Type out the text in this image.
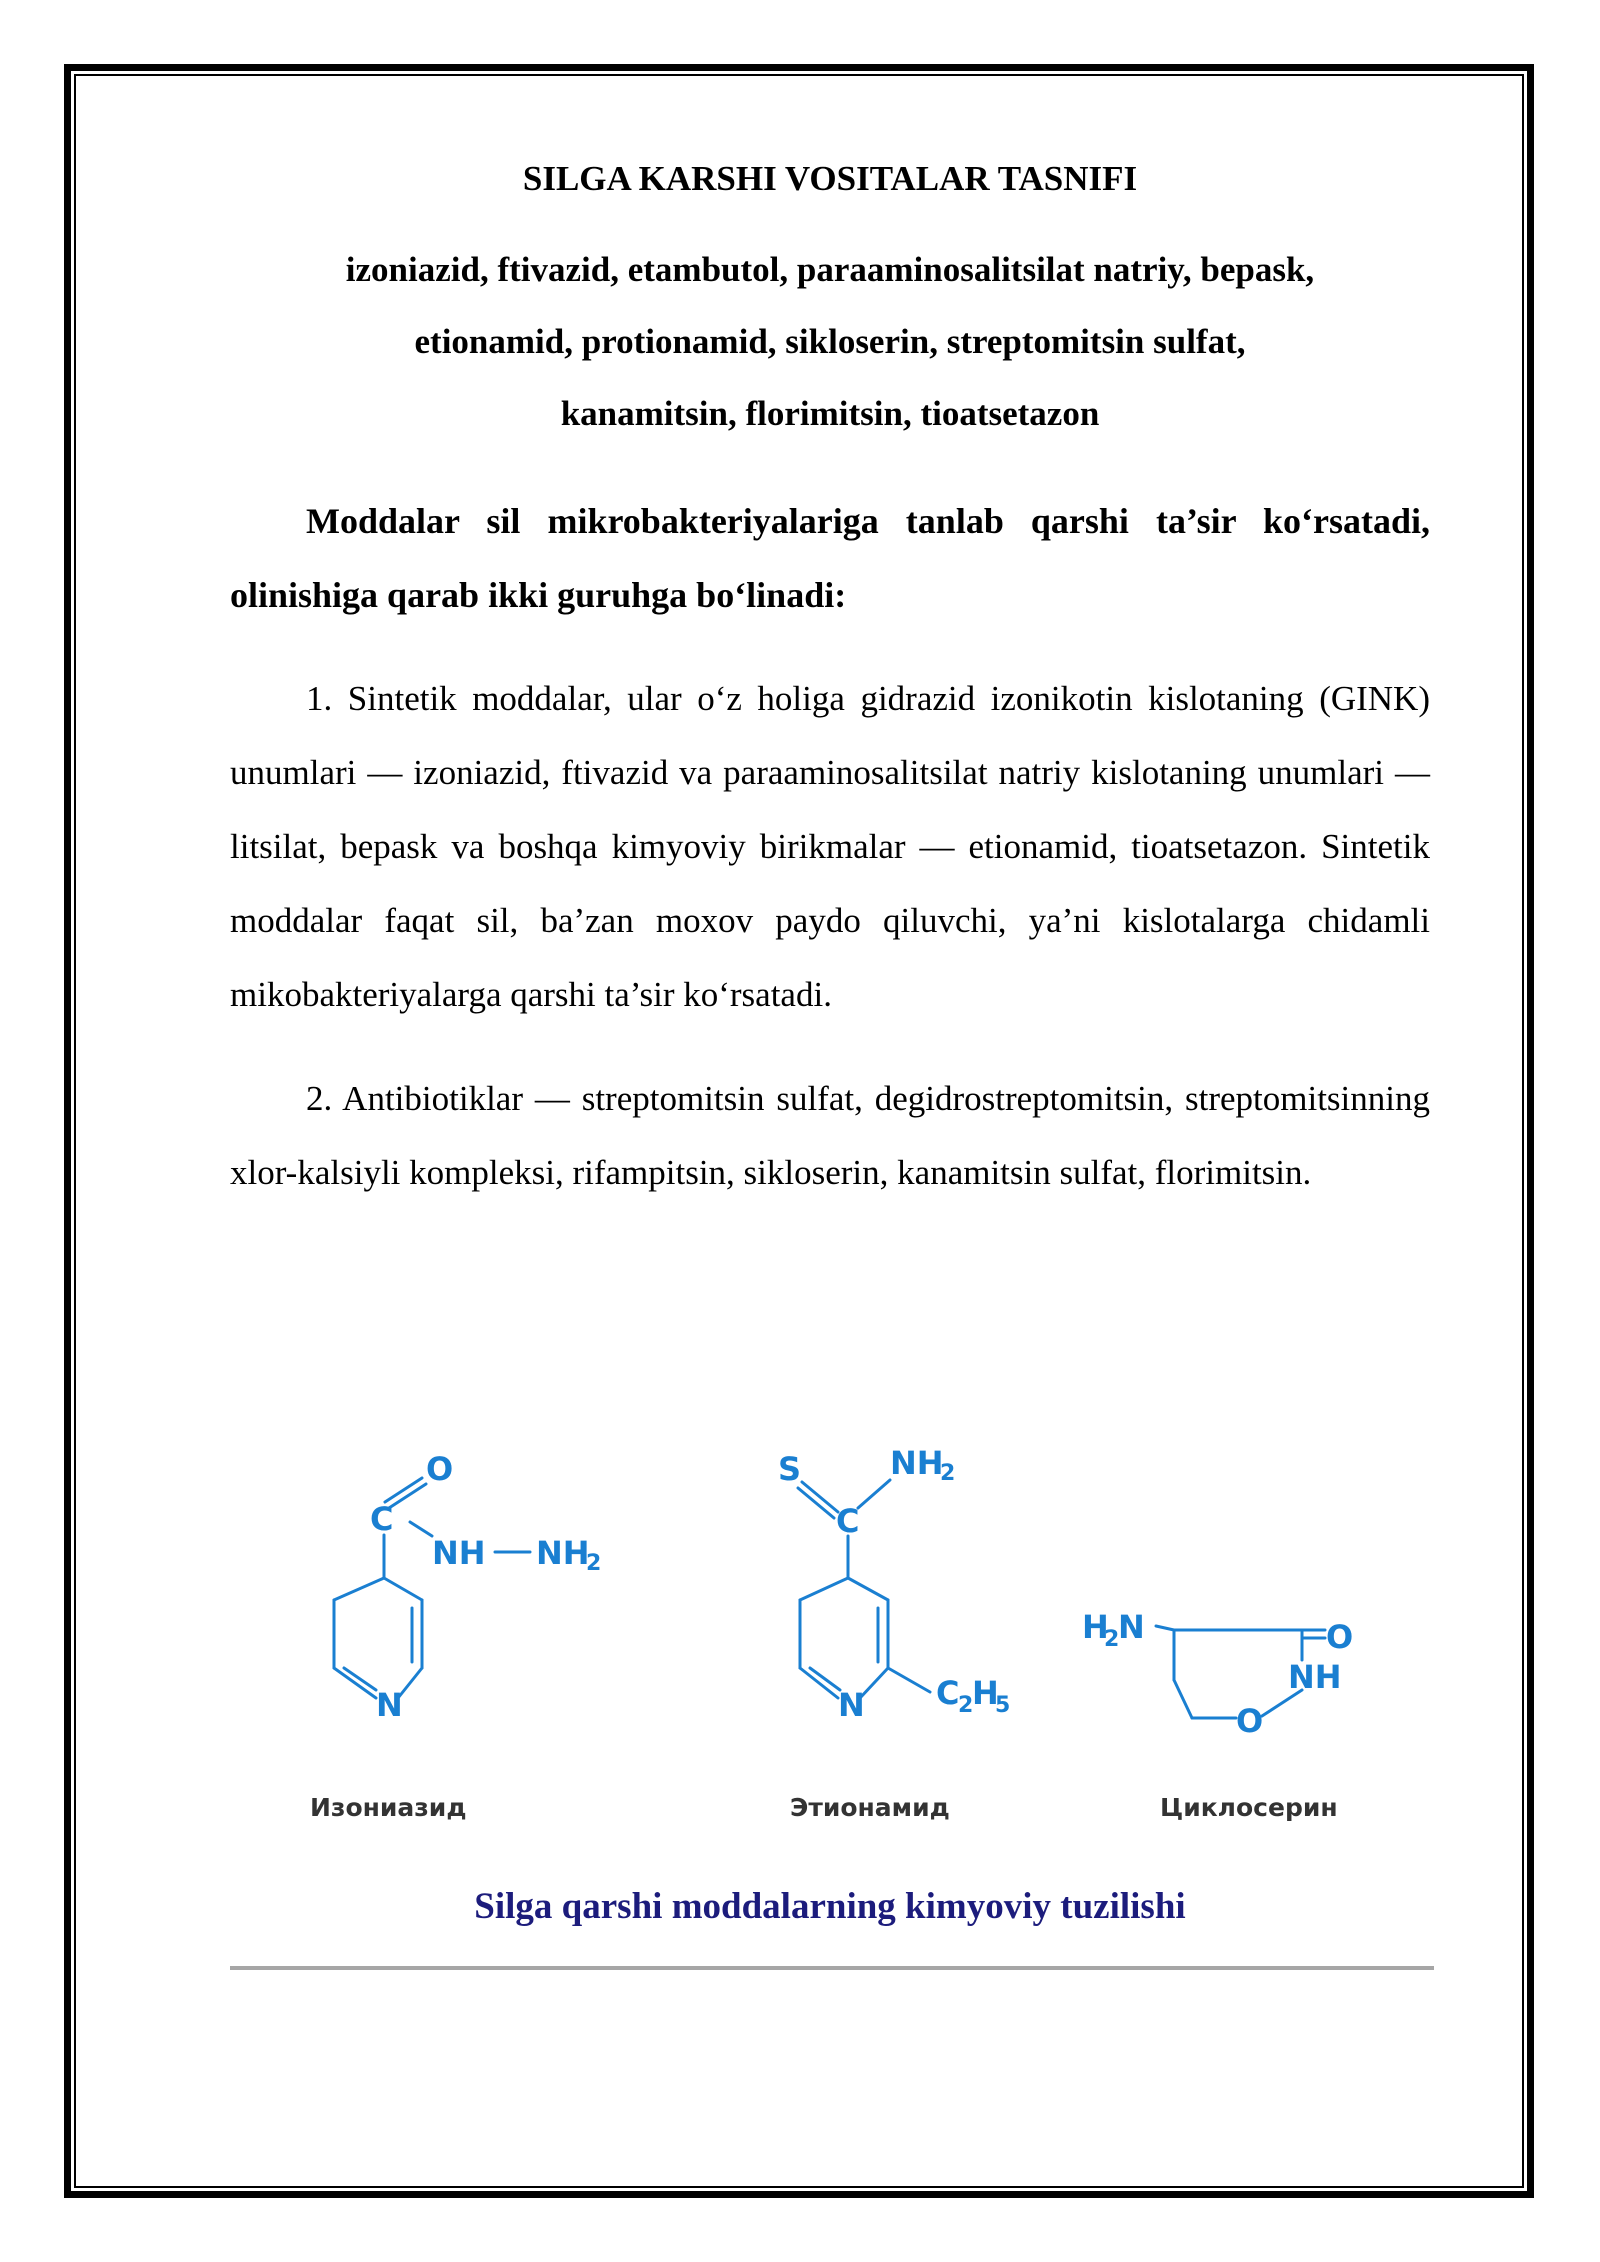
SILGA KARSHI VOSITALAR TASNIFI
izoniazid, ftivazid, etambutol, paraaminosalitsilat natriy, bepask,
etionamid, protionamid, sikloserin, streptomitsin sulfat,
kanamitsin, florimitsin, tioatsetazon

Moddalar sil mikrobakteriyalariga tanlab qarshi ta’sir ko‘rsatadi, olinishiga qarab ikki guruhga bo‘linadi:

1. Sintetik moddalar, ular o‘z holiga gidrazid izonikotin kislotaning (GINK) unumlari — izoniazid, ftivazid va paraaminosalitsilat natriy kislotaning unumlari —litsilat, bepask va boshqa kimyoviy birikmalar — etionamid, tioatsetazon. Sintetik moddalar faqat sil, ba’zan moxov paydo qiluvchi, ya’ni kislotalarga chidamli mikobakteriyalarga qarshi ta’sir ko‘rsatadi.

2. Antibiotiklar — streptomitsin sulfat, degidrostreptomitsin, streptomitsinning xlor-kalsiyli kompleksi, rifampitsin, sikloserin, kanamitsin sulfat, florimitsin.

O
C
NH NH
2
N
Изониазид
S	NH
2
C
N C
2
H
5
Этионамид
H
2
N	O
NH
O
Циклосерин
Silga qarshi moddalarning kimyoviy tuzilishi
